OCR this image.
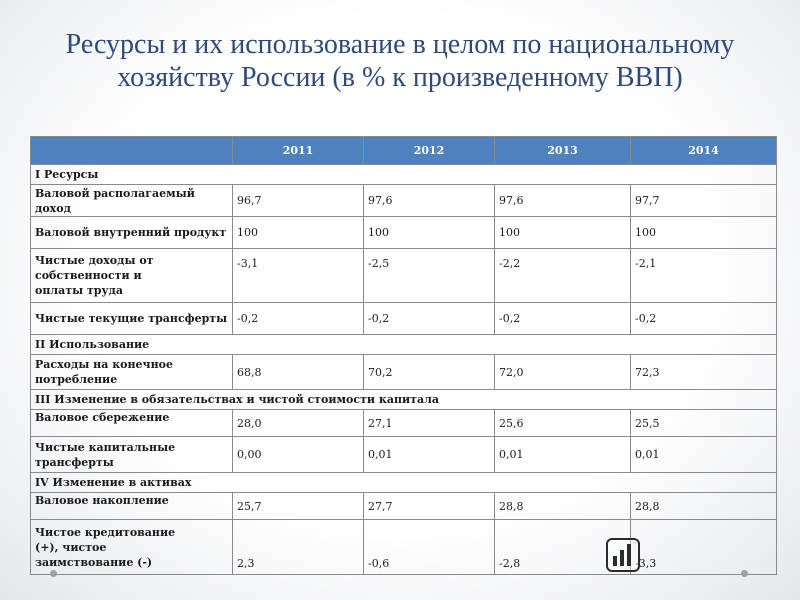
Ресурсы и их использование в целом по национальному
хозяйству России (в % к произведенному ВВП)
	2011	2012	2013	2014
I Ресурсы				
Валовой располагаемый доход	96,7	97,6	97,6	97,7
Валовой внутренний продукт	100	100	100	100
Чистые доходы от собственности и оплаты труда	-3,1	-2,5	-2,2	-2,1
Чистые текущие трансферты	-0,2	-0,2	-0,2	-0,2
II Использование				
Расходы на конечное потребление	68,8	70,2	72,0	72,3
III Изменение в обязательствах и чистой стоимости капитала				
Валовое сбережение	28,0	27,1	25,6	25,5
Чистые капитальные трансферты	0,00	0,01	0,01	0,01
IV Изменение в активах				
Валовое накопление	25,7	27,7	28,8	28,8
Чистое кредитование (+), чистое заимствование (-)	2,3	-0,6	-2,8	-3,3
